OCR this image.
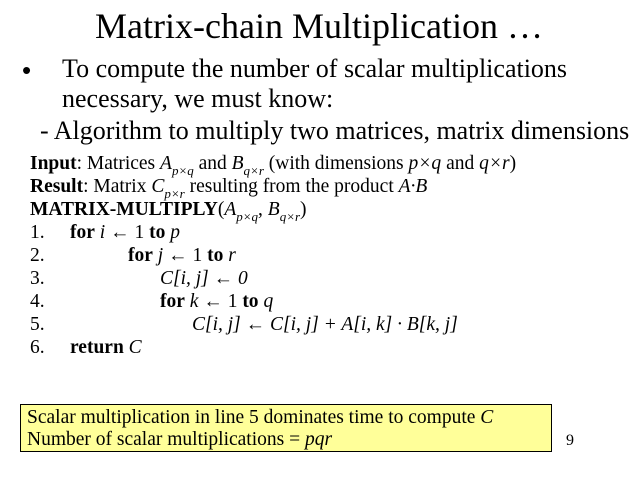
Matrix-chain Multiplication …
• To compute the number of scalar multiplications necessary, we must know:
- Algorithm to multiply two matrices, matrix dimensions
Input: Matrices $A_{p\times q}$ and $B_{q\times r}$ (with dimensions p×q and q×r)
Result: Matrix $C_{p\times r}$ resulting from the product A·B
MATRIX-$MULTIPLY(A_{p\times q}$, $B_{q\times r}$)
1. for i ← 1 to p
2.	for j ← 1 to r
3.	C[i, j] ← 0
4.	for k ← 1 to q
5.	C[i, j] ← C[i, j] + A[i, k] · B[k, j]
6. return C
Scalar multiplication in line 5 dominates time to compute C
Number of scalar multiplications = pqr	9
